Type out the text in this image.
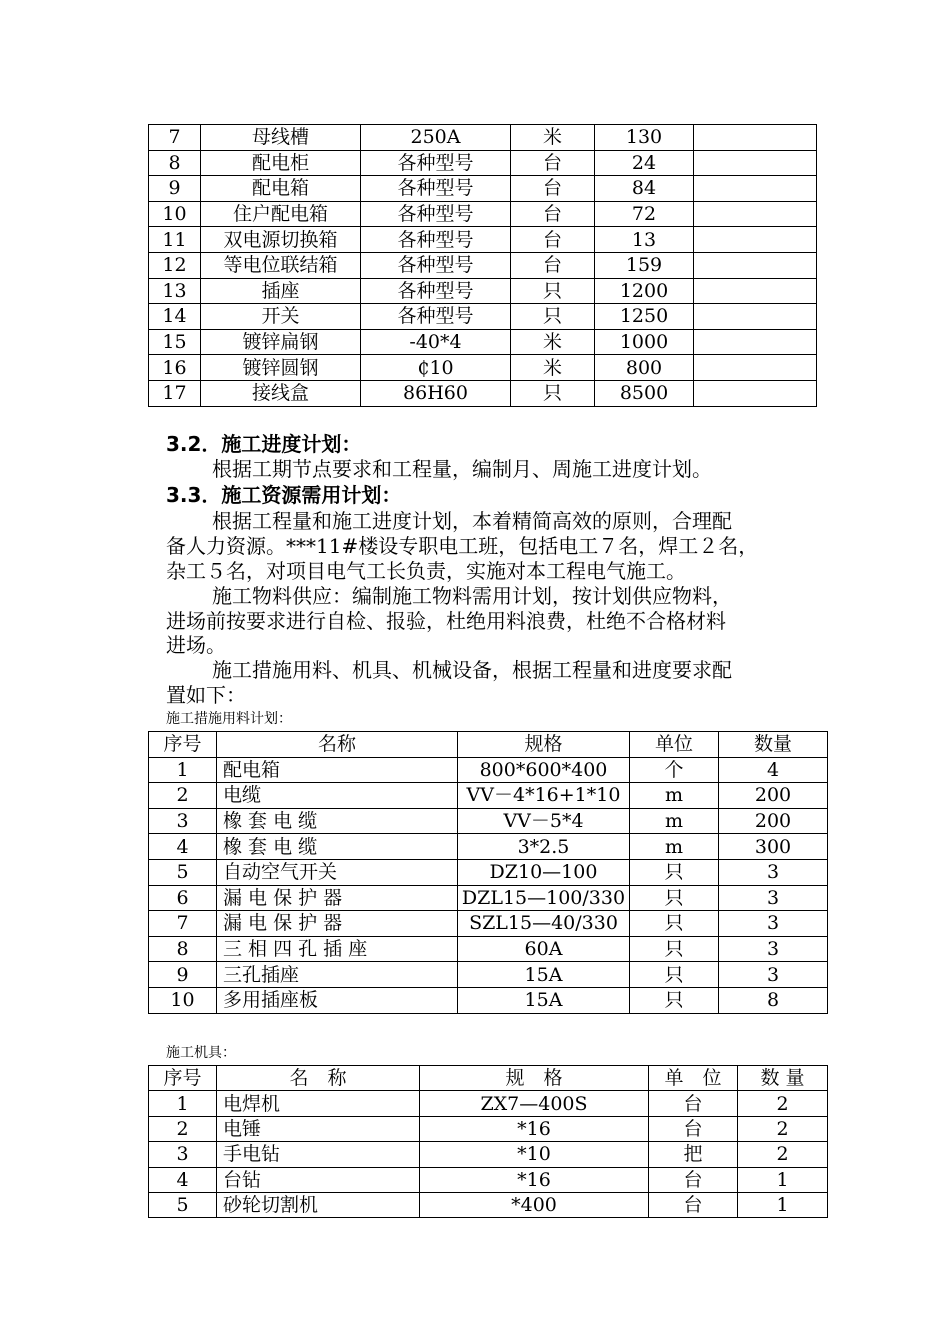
7	母线槽	250A	米	130	
8	配电柜	各种型号	台	24	
9	配电箱	各种型号	台	84	
10	住户配电箱	各种型号	台	72	
11	双电源切换箱	各种型号	台	13	
12	等电位联结箱	各种型号	台	159	
13	插座	各种型号	只	1200	
14	开关	各种型号	只	1250	
15	镀锌扁钢	-40*4	米	1000	
16	镀锌圆钢	₵10	米	800	
17	接线盒	86H60	只	8500	
3.2．施工进度计划：
根据工期节点要求和工程量，编制月、周施工进度计划。
3.3．施工资源需用计划：
根据工程量和施工进度计划，本着精简高效的原则，合理配
备人力资源。***11#楼设专职电工班，包括电工７名，焊工２名，
杂工５名，对项目电气工长负责，实施对本工程电气施工。
施工物料供应：编制施工物料需用计划，按计划供应物料，
进场前按要求进行自检、报验，杜绝用料浪费，杜绝不合格材料
进场。
施工措施用料、机具、机械设备，根据工程量和进度要求配
置如下：
施工措施用料计划：
序号	名称	规格	单位	数量
1	配电箱	800*600*400	个	4
2	电缆	VV－4*16+1*10	m	200
3	橡 套 电 缆	VV－5*4	m	200
4	橡 套 电 缆	3*2.5	m	300
5	自动空气开关	DZ10—100	只	3
6	漏 电 保 护 器	DZL15—100/330	只	3
7	漏 电 保 护 器	SZL15—40/330	只	3
8	三 相 四 孔 插 座	60A	只	3
9	三孔插座	15A	只	3
10	多用插座板	15A	只	8
施工机具：
序号	名　称	规　格	单　位	数 量
1	电焊机	ZX7—400S	台	2
2	电锤	*16	台	2
3	手电钻	*10	把	2
4	台钻	*16	台	1
5	砂轮切割机	*400	台	1
